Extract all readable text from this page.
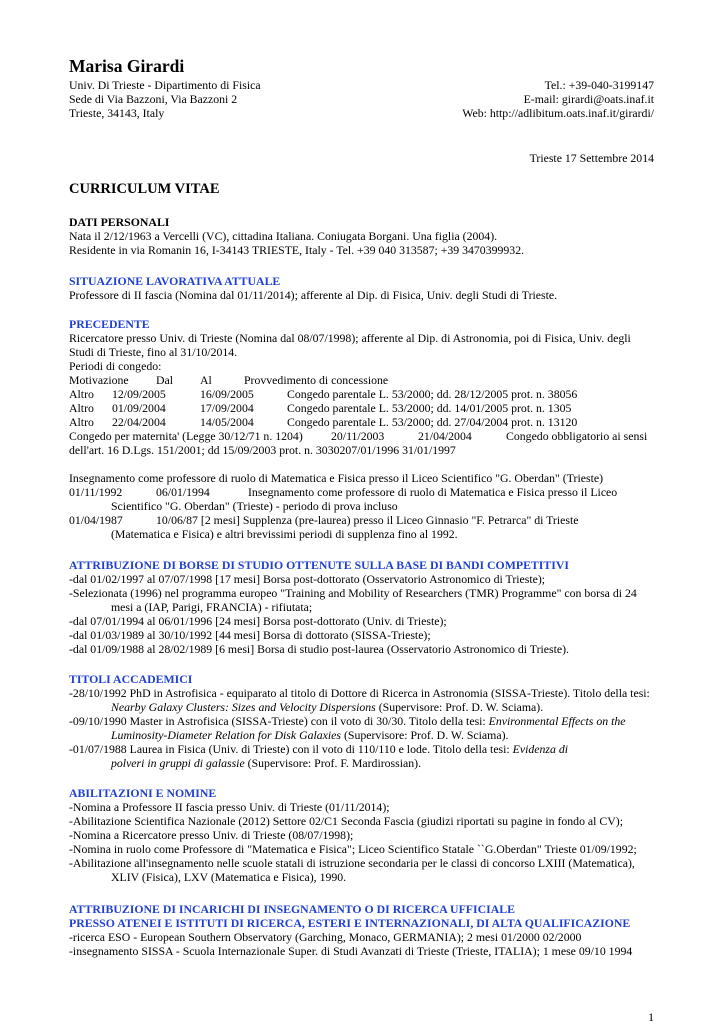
Marisa Girardi
Univ. Di Trieste - Dipartimento di Fisica
Sede di Via Bazzoni, Via Bazzoni 2
Trieste, 34143, Italy
Tel.: +39-040-3199147
E-mail: girardi@oats.inaf.it
Web: http://adlibitum.oats.inaf.it/girardi/
Trieste 17 Settembre 2014
CURRICULUM VITAE
DATI PERSONALI
Nata il 2/12/1963 a Vercelli (VC), cittadina Italiana. Coniugata Borgani. Una figlia (2004).
Residente in via Romanin 16, I-34143 TRIESTE, Italy - Tel. +39 040 313587; +39 3470399932.
SITUAZIONE LAVORATIVA ATTUALE
Professore di II fascia (Nomina dal 01/11/2014); afferente al Dip. di Fisica, Univ. degli Studi di Trieste.
PRECEDENTE
Ricercatore presso Univ. di Trieste (Nomina dal 08/07/1998); afferente al Dip. di Astronomia, poi di Fisica, Univ. degli
Studi di Trieste, fino al 31/10/2014.
Periodi di congedo:
Motivazione Dal Al	Provvedimento di concessione
Altro 12/09/2005	16/09/2005	Congedo parentale L. 53/2000; dd. 28/12/2005 prot. n. 38056
Altro 01/09/2004	17/09/2004	Congedo parentale L. 53/2000; dd. 14/01/2005 prot. n. 1305
Altro 22/04/2004	14/05/2004	Congedo parentale L. 53/2000; dd. 27/04/2004 prot. n. 13120
Congedo per maternita' (Legge 30/12/71 n. 1204) 20/11/2003	21/04/2004	Congedo obbligatorio ai sensi
dell'art. 16 D.Lgs. 151/2001; dd 15/09/2003 prot. n. 3030207/01/1996 31/01/1997
Insegnamento come professore di ruolo di Matematica e Fisica presso il Liceo Scientifico "G. Oberdan" (Trieste)
01/11/1992	06/01/1994	Insegnamento come professore di ruolo di Matematica e Fisica presso il Liceo
Scientifico "G. Oberdan" (Trieste) - periodo di prova incluso
01/04/1987	10/06/87 [2 mesi] Supplenza (pre-laurea) presso il Liceo Ginnasio "F. Petrarca" di Trieste
(Matematica e Fisica) e altri brevissimi periodi di supplenza fino al 1992.
ATTRIBUZIONE DI BORSE DI STUDIO OTTENUTE SULLA BASE DI BANDI COMPETITIVI
-dal 01/02/1997 al 07/07/1998 [17 mesi] Borsa post-dottorato (Osservatorio Astronomico di Trieste);
-Selezionata (1996) nel programma europeo "Training and Mobility of Researchers (TMR) Programme" con borsa di 24 mesi a (IAP, Parigi, FRANCIA) - rifiutata;
-dal 07/01/1994 al 06/01/1996 [24 mesi] Borsa post-dottorato (Univ. di Trieste);
-dal 01/03/1989 al 30/10/1992 [44 mesi] Borsa di dottorato (SISSA-Trieste);
-dal 01/09/1988 al 28/02/1989 [6 mesi] Borsa di studio post-laurea (Osservatorio Astronomico di Trieste).
TITOLI ACCADEMICI
-28/10/1992 PhD in Astrofisica - equiparato al titolo di Dottore di Ricerca in Astronomia (SISSA-Trieste). Titolo della tesi: Nearby Galaxy Clusters: Sizes and Velocity Dispersions (Supervisore: Prof. D. W. Sciama).
-09/10/1990 Master in Astrofisica (SISSA-Trieste) con il voto di 30/30. Titolo della tesi: Environmental Effects on the Luminosity-Diameter Relation for Disk Galaxies (Supervisore: Prof. D. W. Sciama).
-01/07/1988 Laurea in Fisica (Univ. di Trieste) con il voto di 110/110 e lode. Titolo della tesi: Evidenza di polveri in gruppi di galassie (Supervisore: Prof. F. Mardirossian).
ABILITAZIONI E NOMINE
-Nomina a Professore II fascia presso Univ. di Trieste (01/11/2014);
-Abilitazione Scientifica Nazionale (2012) Settore 02/C1 Seconda Fascia (giudizi riportati su pagine in fondo al CV);
-Nomina a Ricercatore presso Univ. di Trieste (08/07/1998);
-Nomina in ruolo come Professore di "Matematica e Fisica"; Liceo Scientifico Statale ``G.Oberdan" Trieste 01/09/1992;
-Abilitazione all'insegnamento nelle scuole statali di istruzione secondaria per le classi di concorso LXIII (Matematica), XLIV (Fisica), LXV (Matematica e Fisica), 1990.
ATTRIBUZIONE DI INCARICHI DI INSEGNAMENTO O DI RICERCA UFFICIALE
PRESSO ATENEI E ISTITUTI DI RICERCA, ESTERI E INTERNAZIONALI, DI ALTA QUALIFICAZIONE
-ricerca ESO - European Southern Observatory (Garching, Monaco, GERMANIA); 2 mesi 01/2000 02/2000
-insegnamento SISSA - Scuola Internazionale Super. di Studi Avanzati di Trieste (Trieste, ITALIA); 1 mese 09/10 1994
1
